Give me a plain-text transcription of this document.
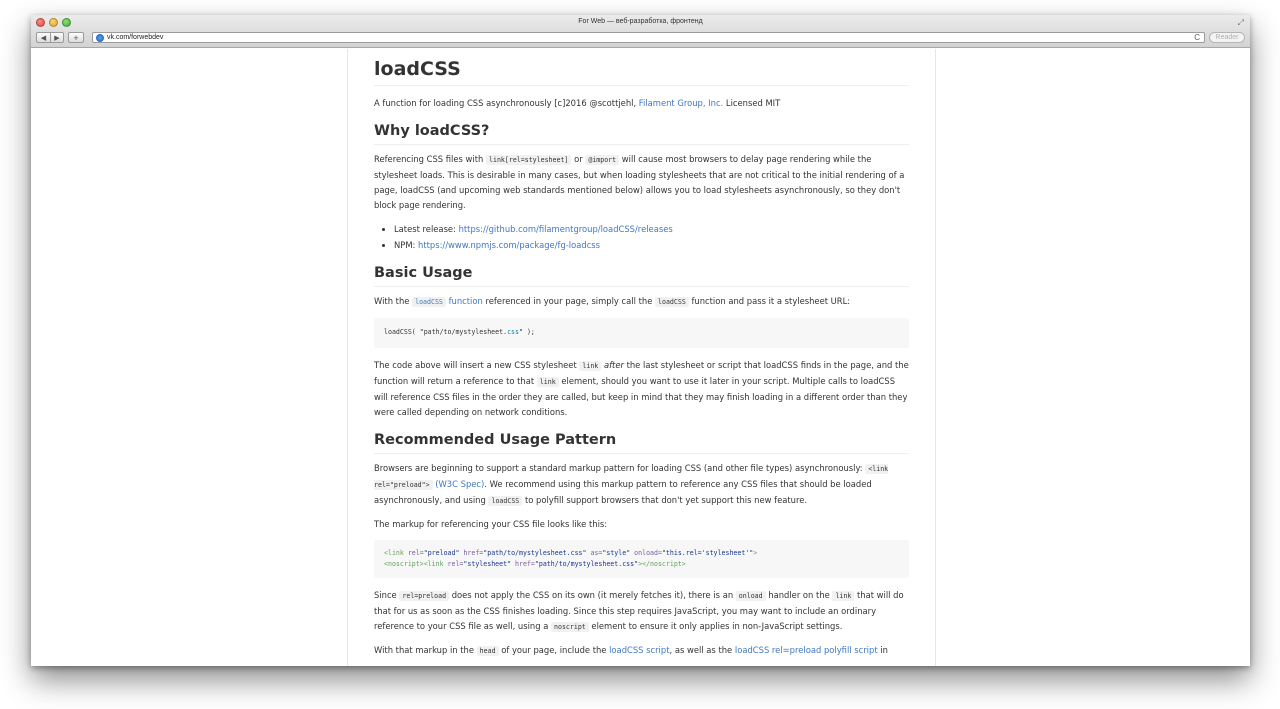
For Web — веб-разработка, фронтенд	⤢
◀	▶	+	vk.com/forwebdev	C	Reader
loadCSS

A function for loading CSS asynchronously [c]2016 @scottjehl, Filament Group, Inc. Licensed MIT

Why loadCSS?

Referencing CSS files with link[rel=stylesheet] or @import will cause most browsers to delay page rendering while the stylesheet loads. This is desirable in many cases, but when loading stylesheets that are not critical to the initial rendering of a page, loadCSS (and upcoming web standards mentioned below) allows you to load stylesheets asynchronously, so they don't block page rendering.

• Latest release: https://github.com/filamentgroup/loadCSS/releases
• NPM: https://www.npmjs.com/package/fg-loadcss
Basic Usage

With the loadCSS function referenced in your page, simply call the loadCSS function and pass it a stylesheet URL:

loadCSS( "path/to/mystylesheet.css" );

The code above will insert a new CSS stylesheet link after the last stylesheet or script that loadCSS finds in the page, and the function will return a reference to that link element, should you want to use it later in your script. Multiple calls to loadCSS will reference CSS files in the order they are called, but keep in mind that they may finish loading in a different order than they were called depending on network conditions.

Recommended Usage Pattern

Browsers are beginning to support a standard markup pattern for loading CSS (and other file types) asynchronously: <link rel="preload"> (W3C Spec). We recommend using this markup pattern to reference any CSS files that should be loaded asynchronously, and using loadCSS to polyfill support browsers that don't yet support this new feature.

The markup for referencing your CSS file looks like this:

<link rel="preload" href="path/to/mystylesheet.css" as="style" onload="this.rel='stylesheet'">
<noscript><link rel="stylesheet" href="path/to/mystylesheet.css"></noscript>

Since rel=preload does not apply the CSS on its own (it merely fetches it), there is an onload handler on the link that will do that for us as soon as the CSS finishes loading. Since this step requires JavaScript, you may want to include an ordinary reference to your CSS file as well, using a noscript element to ensure it only applies in non-JavaScript settings.

With that markup in the head of your page, include the loadCSS script, as well as the loadCSS rel=preload polyfill script in
